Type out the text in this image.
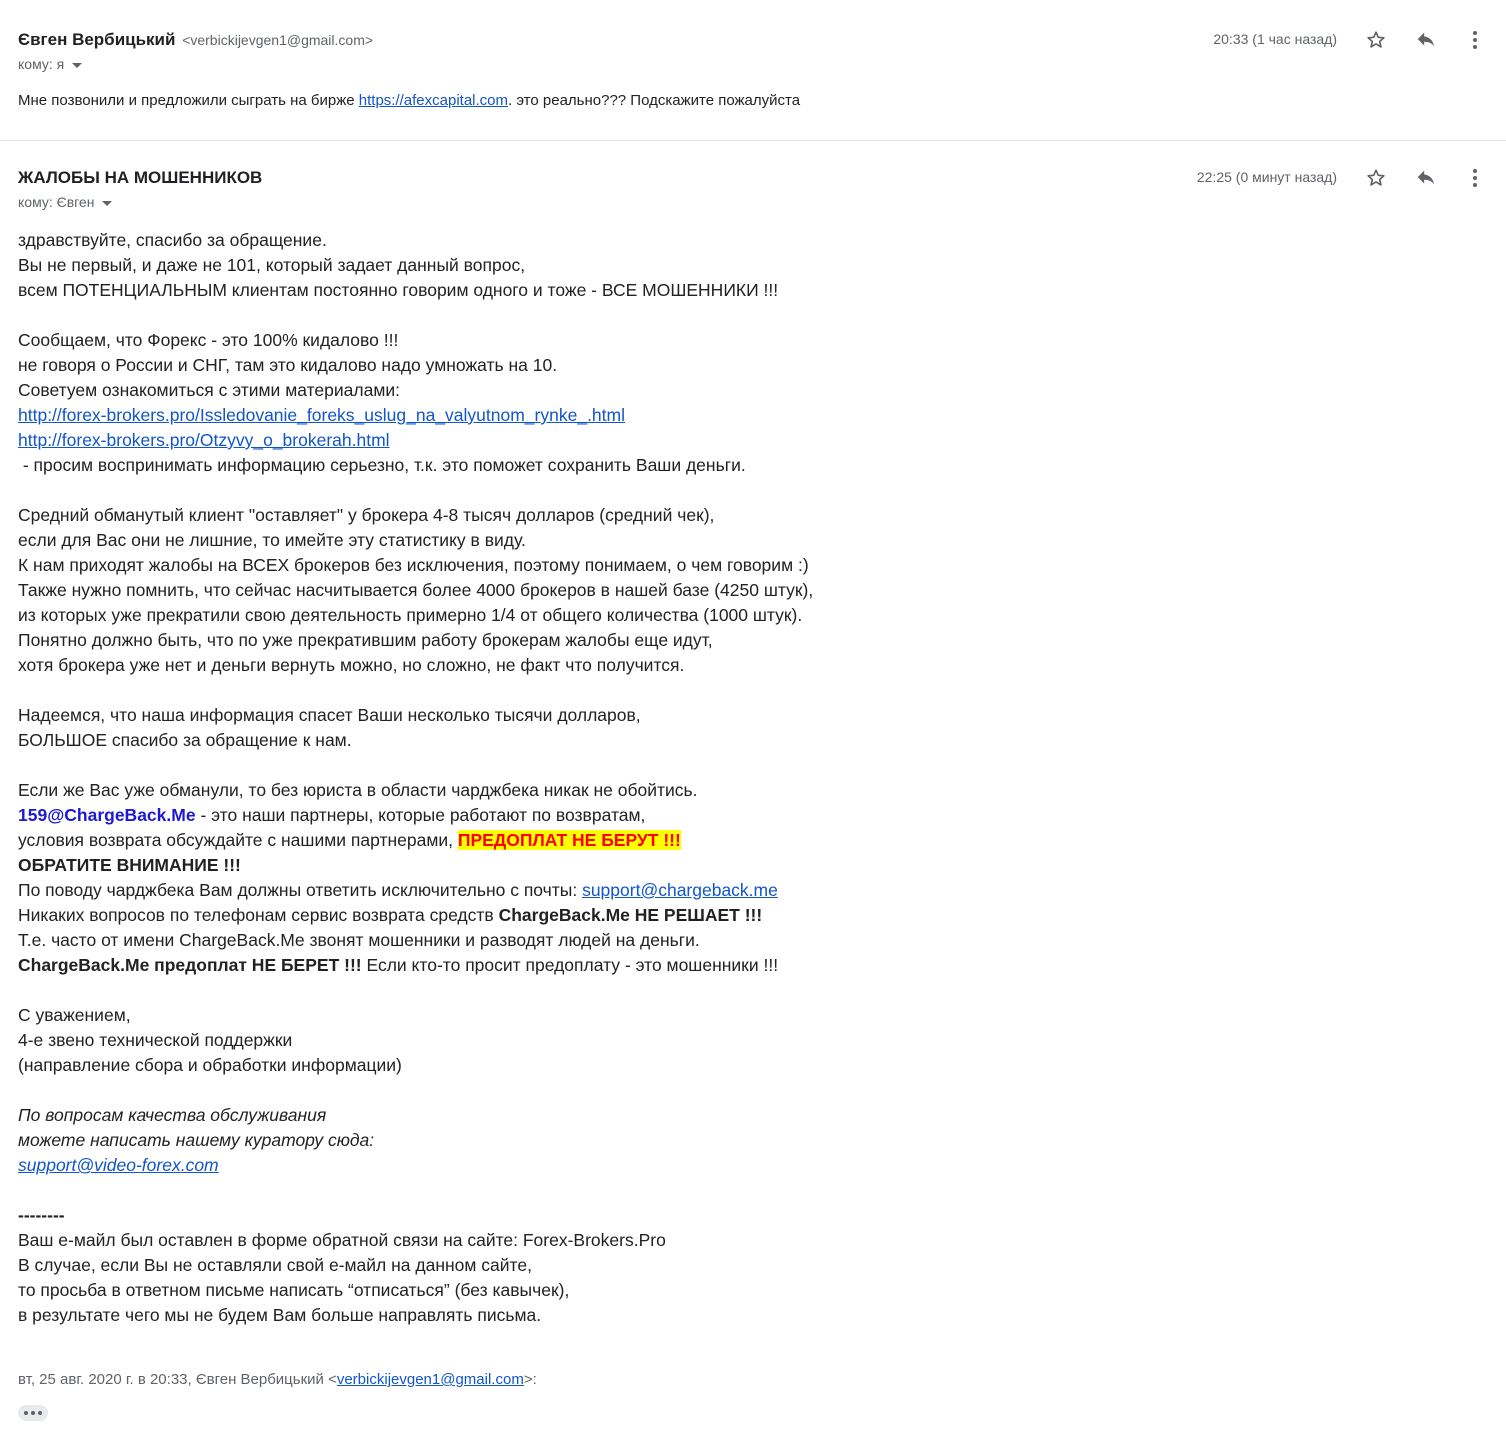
Євген Вербицький <verbickijevgen1@gmail.com>
кому: я
20:33 (1 час назад)
Мне позвонили и предложили сыграть на бирже https://afexcapital.com. это реально??? Подскажите пожалуйста
ЖАЛОБЫ НА МОШЕННИКОВ
кому: Євген
22:25 (0 минут назад)
здравствуйте, спасибо за обращение.
Вы не первый, и даже не 101, который задает данный вопрос,
всем ПОТЕНЦИАЛЬНЫМ клиентам постоянно говорим одного и тоже - ВСЕ МОШЕННИКИ !!!
Сообщаем, что Форекс - это 100% кидалово !!!
не говоря о России и СНГ, там это кидалово надо умножать на 10.
Советуем ознакомиться с этими материалами:
http://forex-brokers.pro/Issledovanie_foreks_uslug_na_valyutnom_rynke_.html
http://forex-brokers.pro/Otzyvy_o_brokerah.html
- просим воспринимать информацию серьезно, т.к. это поможет сохранить Ваши деньги.
Средний обманутый клиент "оставляет" у брокера 4-8 тысяч долларов (средний чек),
если для Вас они не лишние, то имейте эту статистику в виду.
К нам приходят жалобы на ВСЕХ брокеров без исключения, поэтому понимаем, о чем говорим :)
Также нужно помнить, что сейчас насчитывается более 4000 брокеров в нашей базе (4250 штук),
из которых уже прекратили свою деятельность примерно 1/4 от общего количества (1000 штук).
Понятно должно быть, что по уже прекратившим работу брокерам жалобы еще идут,
хотя брокера уже нет и деньги вернуть можно, но сложно, не факт что получится.
Надеемся, что наша информация спасет Ваши несколько тысячи долларов,
БОЛЬШОЕ спасибо за обращение к нам.
Если же Вас уже обманули, то без юриста в области чарджбека никак не обойтись.
159@ChargeBack.Me - это наши партнеры, которые работают по возвратам,
условия возврата обсуждайте с нашими партнерами, ПРЕДОПЛАТ НЕ БЕРУТ !!!
ОБРАТИТЕ ВНИМАНИЕ !!!
По поводу чарджбека Вам должны ответить исключительно с почты: support@chargeback.me
Никаких вопросов по телефонам сервис возврата средств ChargeBack.Me НЕ РЕШАЕТ !!!
Т.е. часто от имени ChargeBack.Me звонят мошенники и разводят людей на деньги.
ChargeBack.Me предоплат НЕ БЕРЕТ !!! Если кто-то просит предоплату - это мошенники !!!
С уважением,
4-е звено технической поддержки
(направление сбора и обработки информации)
По вопросам качества обслуживания
можете написать нашему куратору сюда:
support@video-forex.com
--------
Ваш е-майл был оставлен в форме обратной связи на сайте: Forex-Brokers.Pro
В случае, если Вы не оставляли свой е-майл на данном сайте,
то просьба в ответном письме написать “отписаться” (без кавычек),
в результате чего мы не будем Вам больше направлять письма.
вт, 25 авг. 2020 г. в 20:33, Євген Вербицький <verbickijevgen1@gmail.com>:
